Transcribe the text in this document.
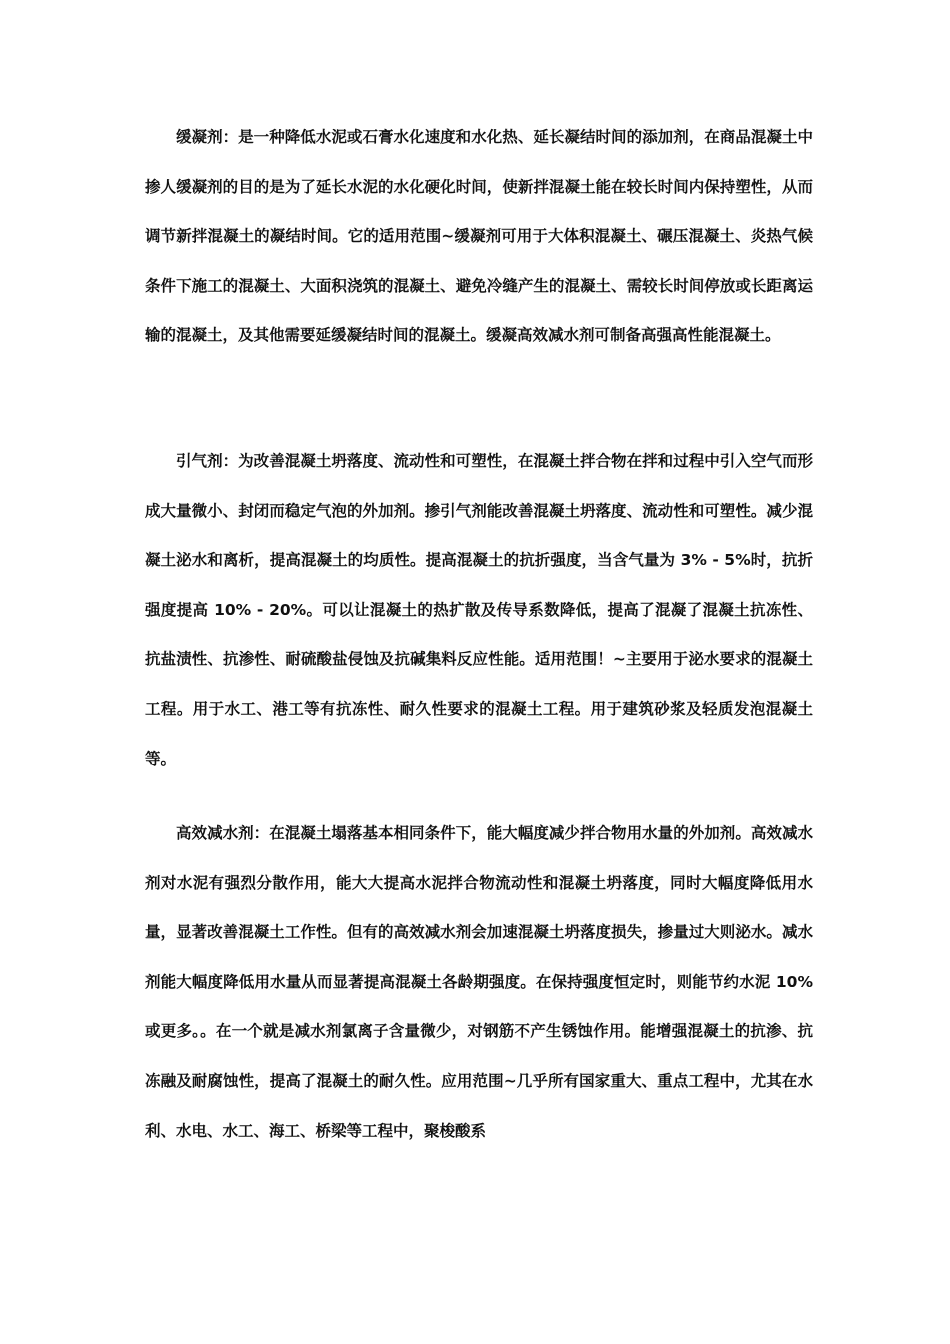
缓凝剂：是一种降低水泥或石膏水化速度和水化热、延长凝结时间的添加剂，在商品混凝土中掺人缓凝剂的目的是为了延长水泥的水化硬化时间，使新拌混凝土能在较长时间内保持塑性，从而调节新拌混凝土的凝结时间。它的适用范围~缓凝剂可用于大体积混凝土、碾压混凝土、炎热气候条件下施工的混凝土、大面积浇筑的混凝土、避免冷缝产生的混凝土、需较长时间停放或长距离运输的混凝土，及其他需要延缓凝结时间的混凝土。缓凝高效减水剂可制备高强高性能混凝土。

引气剂：为改善混凝土坍落度、流动性和可塑性，在混凝土拌合物在拌和过程中引入空气而形成大量微小、封闭而稳定气泡的外加剂。掺引气剂能改善混凝土坍落度、流动性和可塑性。减少混凝土泌水和离析，提高混凝土的均质性。提高混凝土的抗折强度，当含气量为 3% - 5%时，抗折强度提高 10% - 20%。可以让混凝土的热扩散及传导系数降低，提高了混凝了混凝土抗冻性、抗盐渍性、抗渗性、耐硫酸盐侵蚀及抗碱集料反应性能。适用范围！~主要用于泌水要求的混凝土工程。用于水工、港工等有抗冻性、耐久性要求的混凝土工程。用于建筑砂浆及轻质发泡混凝土等。

高效减水剂：在混凝土塌落基本相同条件下，能大幅度减少拌合物用水量的外加剂。高效减水剂对水泥有强烈分散作用，能大大提高水泥拌合物流动性和混凝土坍落度，同时大幅度降低用水量，显著改善混凝土工作性。但有的高效减水剂会加速混凝土坍落度损失，掺量过大则泌水。减水剂能大幅度降低用水量从而显著提高混凝土各龄期强度。在保持强度恒定时，则能节约水泥 10%或更多。。在一个就是减水剂氯离子含量微少，对钢筋不产生锈蚀作用。能增强混凝土的抗渗、抗冻融及耐腐蚀性，提高了混凝土的耐久性。应用范围~几乎所有国家重大、重点工程中，尤其在水利、水电、水工、海工、桥梁等工程中，聚梭酸系
